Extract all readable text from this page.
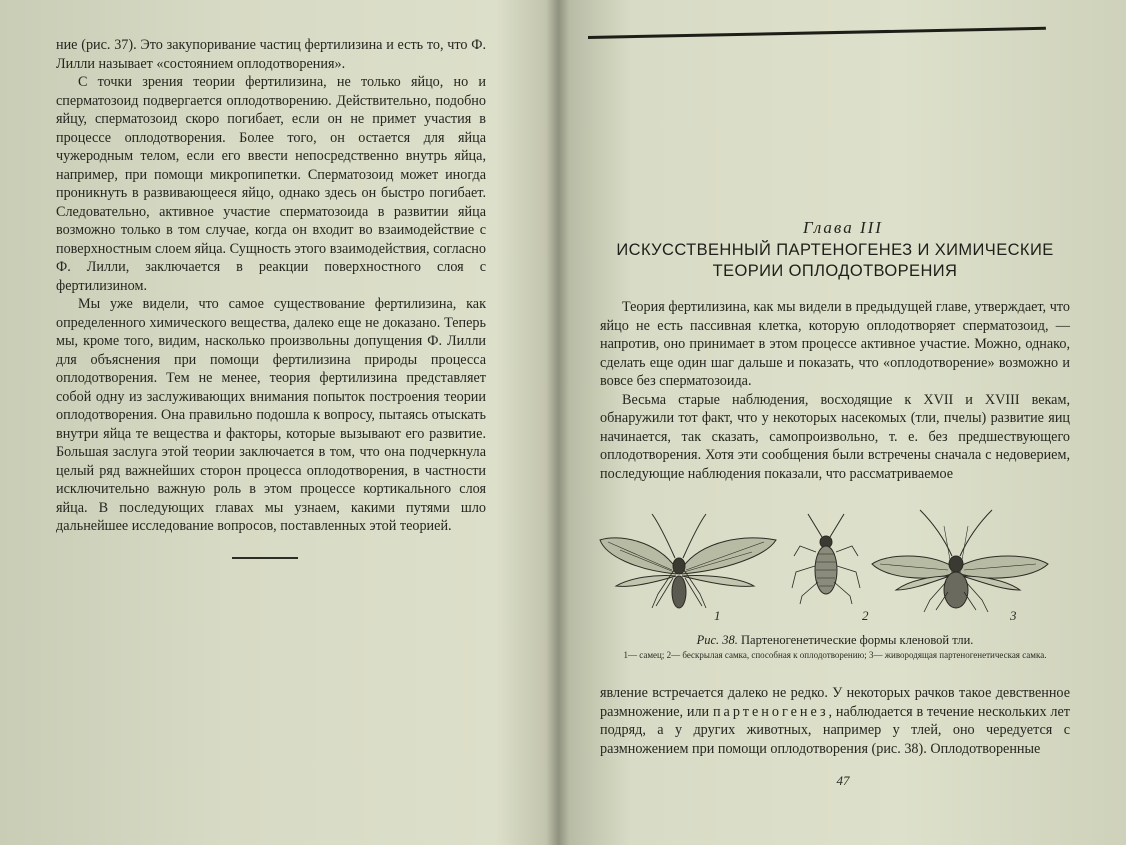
ние (рис. 37). Это закупоривание частиц фертилизина и есть то, что Ф. Лилли называет «состоянием оплодотворения».

С точки зрения теории фертилизина, не только яйцо, но и сперматозоид подвергается оплодотворению. Действительно, подобно яйцу, сперматозоид скоро погибает, если он не примет участия в процессе оплодотворения. Более того, он остается для яйца чужеродным телом, если его ввести непосредственно внутрь яйца, например, при помощи микропипетки. Сперматозоид может иногда проникнуть в развивающееся яйцо, однако здесь он быстро погибает. Следовательно, активное участие сперматозоида в развитии яйца возможно только в том случае, когда он входит во взаимодействие с поверхностным слоем яйца. Сущность этого взаимодействия, согласно Ф. Лилли, заключается в реакции поверхностного слоя с фертилизином.

Мы уже видели, что самое существование фертилизина, как определенного химического вещества, далеко еще не доказано. Теперь мы, кроме того, видим, насколько произвольны допущения Ф. Лилли для объяснения при помощи фертилизина природы процесса оплодотворения. Тем не менее, теория фертилизина представляет собой одну из заслуживающих внимания попыток построения теории оплодотворения. Она правильно подошла к вопросу, пытаясь отыскать внутри яйца те вещества и факторы, которые вызывают его развитие. Большая заслуга этой теории заключается в том, что она подчеркнула целый ряд важнейших сторон процесса оплодотворения, в частности исключительно важную роль в этом процессе кортикального слоя яйца. В последующих главах мы узнаем, какими путями шло дальнейшее исследование вопросов, поставленных этой теорией.

Глава III
ИСКУССТВЕННЫЙ ПАРТЕНОГЕНЕЗ И ХИМИЧЕСКИЕ
ТЕОРИИ ОПЛОДОТВОРЕНИЯ

Теория фертилизина, как мы видели в предыдущей главе, утверждает, что яйцо не есть пассивная клетка, которую оплодотворяет сперматозоид, — напротив, оно принимает в этом процессе активное участие. Можно, однако, сделать еще один шаг дальше и показать, что «оплодотворение» возможно и вовсе без сперматозоида.

Весьма старые наблюдения, восходящие к XVII и XVIII векам, обнаружили тот факт, что у некоторых насекомых (тли, пчелы) развитие яиц начинается, так сказать, самопроизвольно, т. е. без предшествующего оплодотворения. Хотя эти сообщения были встречены сначала с недоверием, последующие наблюдения показали, что рассматриваемое

1	2	3
Рис. 38. Партеногенетические формы кленовой тли.
1— самец; 2— бескрылая самка, способная к оплодотворению; 3— живородящая партеногенетическая самка.

явление встречается далеко не редко. У некоторых рачков такое девственное размножение, или партеногенез, наблюдается в течение нескольких лет подряд, а у других животных, например у тлей, оно чередуется с размножением при помощи оплодотворения (рис. 38). Оплодотворенные

47
